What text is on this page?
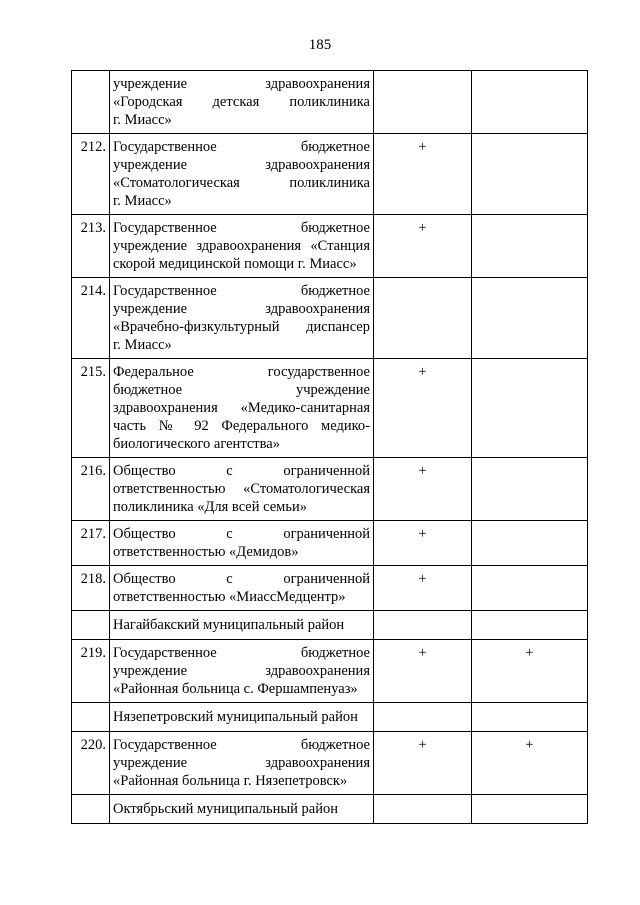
185

	учреждение здравоохранения
«Городская детская поликлиника
г. Миасс»		

212.	Государственное бюджетное
учреждение здравоохранения
«Стоматологическая поликлиника
г. Миасс»	+	
213.	Государственное бюджетное
учреждение здравоохранения «Станция
скорой медицинской помощи г. Миасс»	+	
214.	Государственное бюджетное
учреждение здравоохранения
«Врачебно-физкультурный диспансер
г. Миасс»		

215.	Федеральное государственное
бюджетное учреждение
здравоохранения «Медико-санитарная
часть № 92 Федерального медико-
биологического агентства»	+	
216.	Общество с ограниченной
ответственностью «Стоматологическая
поликлиника «Для всей семьи»	+	
217.	Общество с ограниченной
ответственностью «Демидов»	+	
218.	Общество с ограниченной
ответственностью «МиассМедцентр»	+	
	Нагайбакский муниципальный район		
219.	Государственное бюджетное
учреждение здравоохранения
«Районная больница с. Фершампенуаз»	+	+
	Нязепетровский муниципальный район		
220.	Государственное бюджетное
учреждение здравоохранения
«Районная больница г. Нязепетровск»	+	+
	Октябрьский муниципальный район		
